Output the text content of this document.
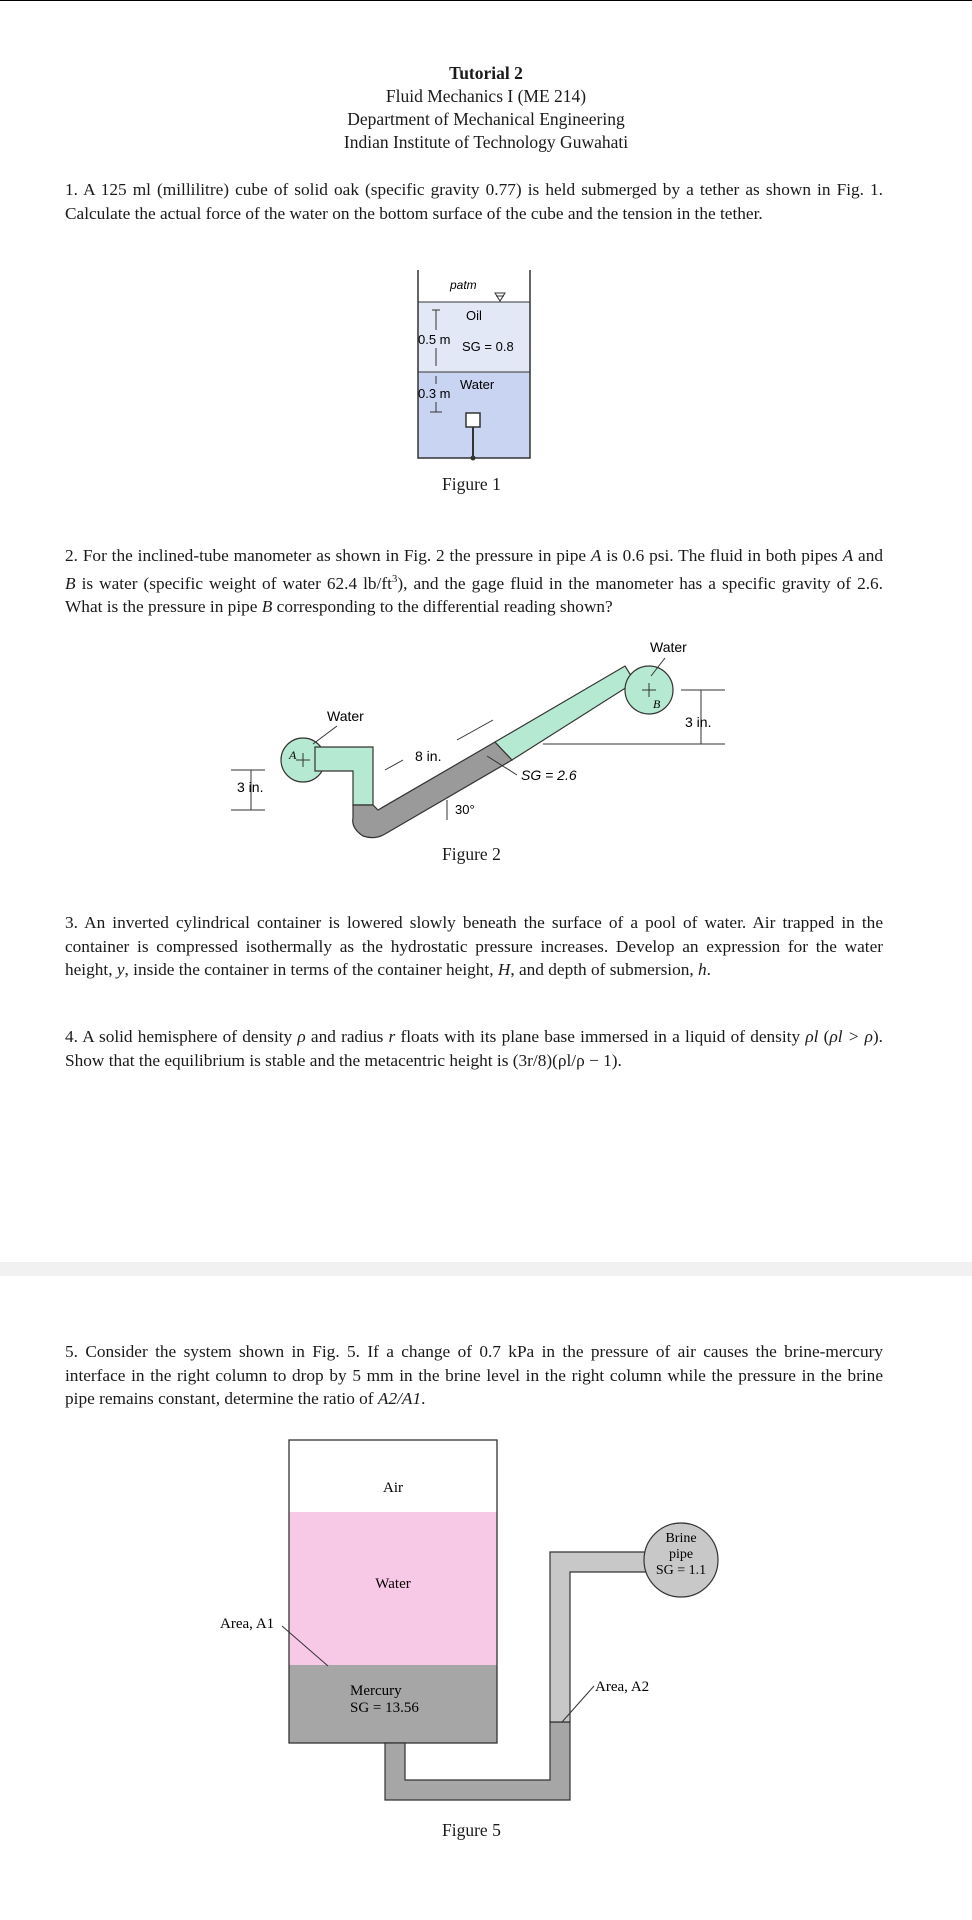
Tutorial 2
Fluid Mechanics I (ME 214)
Department of Mechanical Engineering
Indian Institute of Technology Guwahati
1. A 125 ml (millilitre) cube of solid oak (specific gravity 0.77) is held submerged by a tether as shown in Fig. 1. Calculate the actual force of the water on the bottom surface of the cube and the tension in the tether.
patm
Oil
SG = 0.8
0.5 m
Water
0.3 m
Figure 1
2. For the inclined-tube manometer as shown in Fig. 2 the pressure in pipe A is 0.6 psi. The fluid in both pipes A and B is water (specific weight of water 62.4 $lb/ft^3$), and the gage fluid in the manometer has a specific gravity of 2.6. What is the pressure in pipe B corresponding to the differential reading shown?
B
A
Water
Water
8 in.
SG = 2.6
30°
3 in.
3 in.
Figure 2
3. An inverted cylindrical container is lowered slowly beneath the surface of a pool of water. Air trapped in the container is compressed isothermally as the hydrostatic pressure increases. Develop an expression for the water height, y, inside the container in terms of the container height, H, and depth of submersion, h.
4. A solid hemisphere of density ρ and radius r floats with its plane base immersed in a liquid of density ρl (ρl > ρ). Show that the equilibrium is stable and the metacentric height is (3r/8)(ρl/ρ − 1).
5. Consider the system shown in Fig. 5. If a change of 0.7 kPa in the pressure of air causes the brine-mercury interface in the right column to drop by 5 mm in the brine level in the right column while the pressure in the brine pipe remains constant, determine the ratio of A2/A1.
Brine
pipe
SG = 1.1
Air
Water
Mercury
SG = 13.56
Area, A1
Area, A2
Figure 5
